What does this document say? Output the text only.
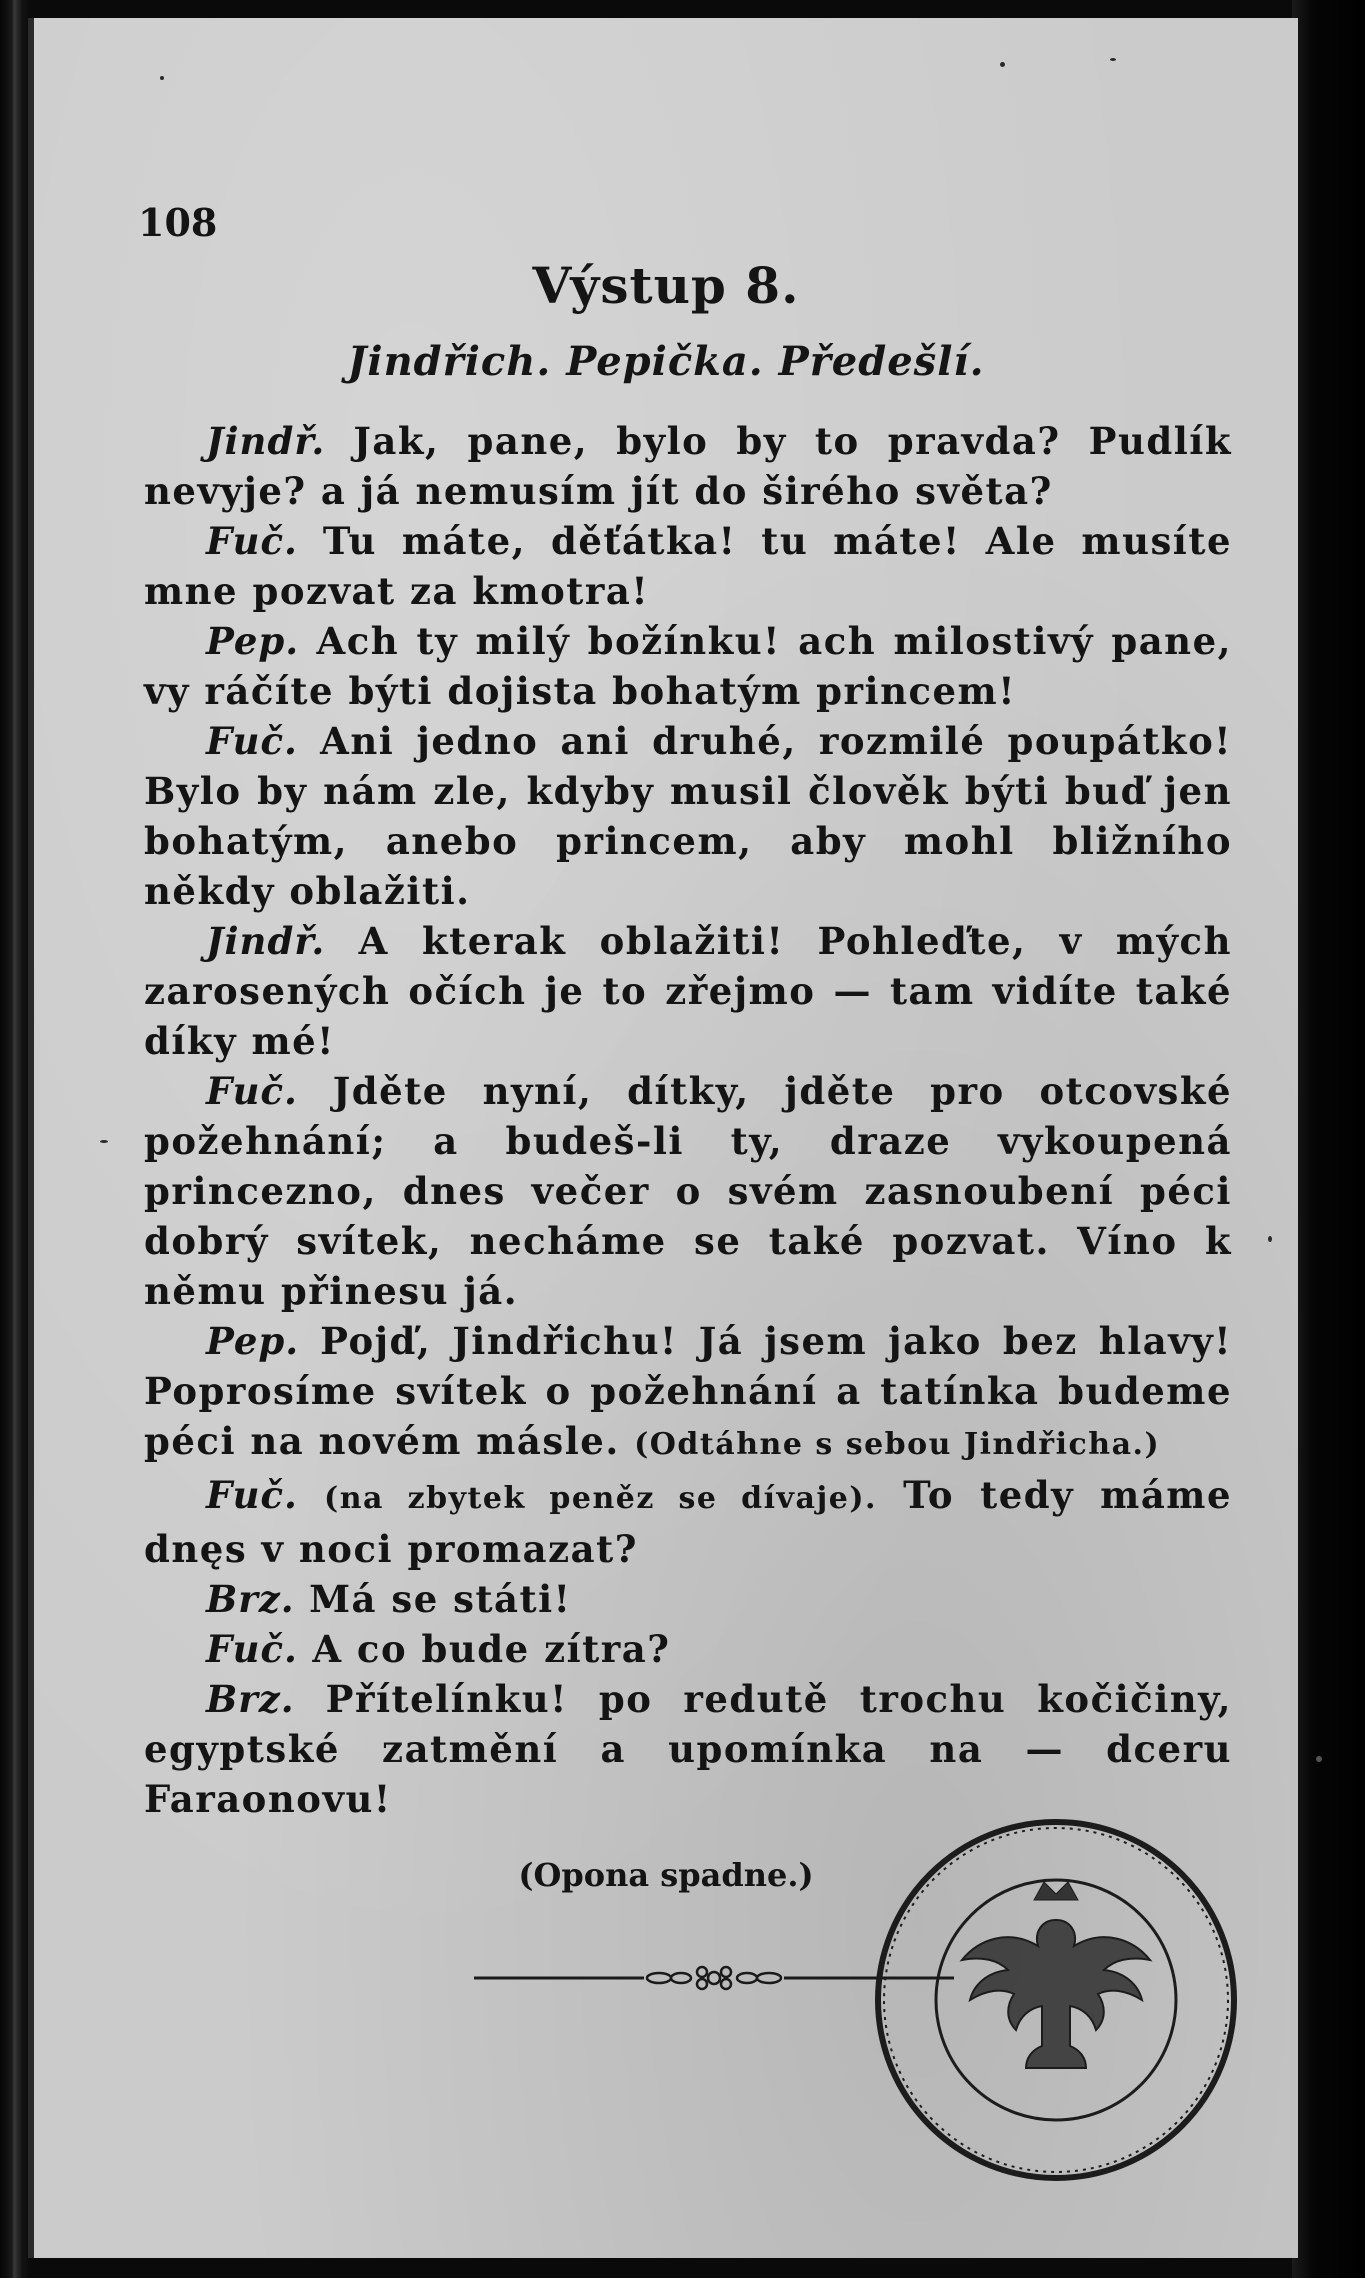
108
Výstup 8.
Jindřich. Pepička. Předešlí.

Jindř. Jak, pane, bylo by to pravda? Pudlík nevyje? a já nemusím jít do širého světa?

Fuč. Tu máte, děťátka! tu máte! Ale musíte mne pozvat za kmotra!

Pep. Ach ty milý božínku! ach milostivý pane, vy ráčíte býti dojista bohatým princem!

Fuč. Ani jedno ani druhé, rozmilé poupátko! Bylo by nám zle, kdyby musil člověk býti buď jen bohatým, anebo princem, aby mohl bližního někdy oblažiti.

Jindř. A kterak oblažiti! Pohleďte, v mých zarosených očích je to zřejmo — tam vidíte také díky mé!

Fuč. Jděte nyní, dítky, jděte pro otcovské požehnání; a budeš-li ty, draze vykoupená princezno, dnes večer o svém zasnoubení péci dobrý svítek, necháme se také pozvat. Víno k němu přinesu já.

Pep. Pojď, Jindřichu! Já jsem jako bez hlavy! Poprosíme svítek o požehnání a tatínka budeme péci na novém másle. (Odtáhne s sebou Jindřicha.)

Fuč. (na zbytek peněz se dívaje). To tedy máme dnęs v noci promazat?

Brz. Má se státi!

Fuč. A co bude zítra?

Brz. Přítelínku! po redutě trochu kočičiny, egyptské zatmění a upomínka na — dceru Faraonovu!

(Opona spadne.)
